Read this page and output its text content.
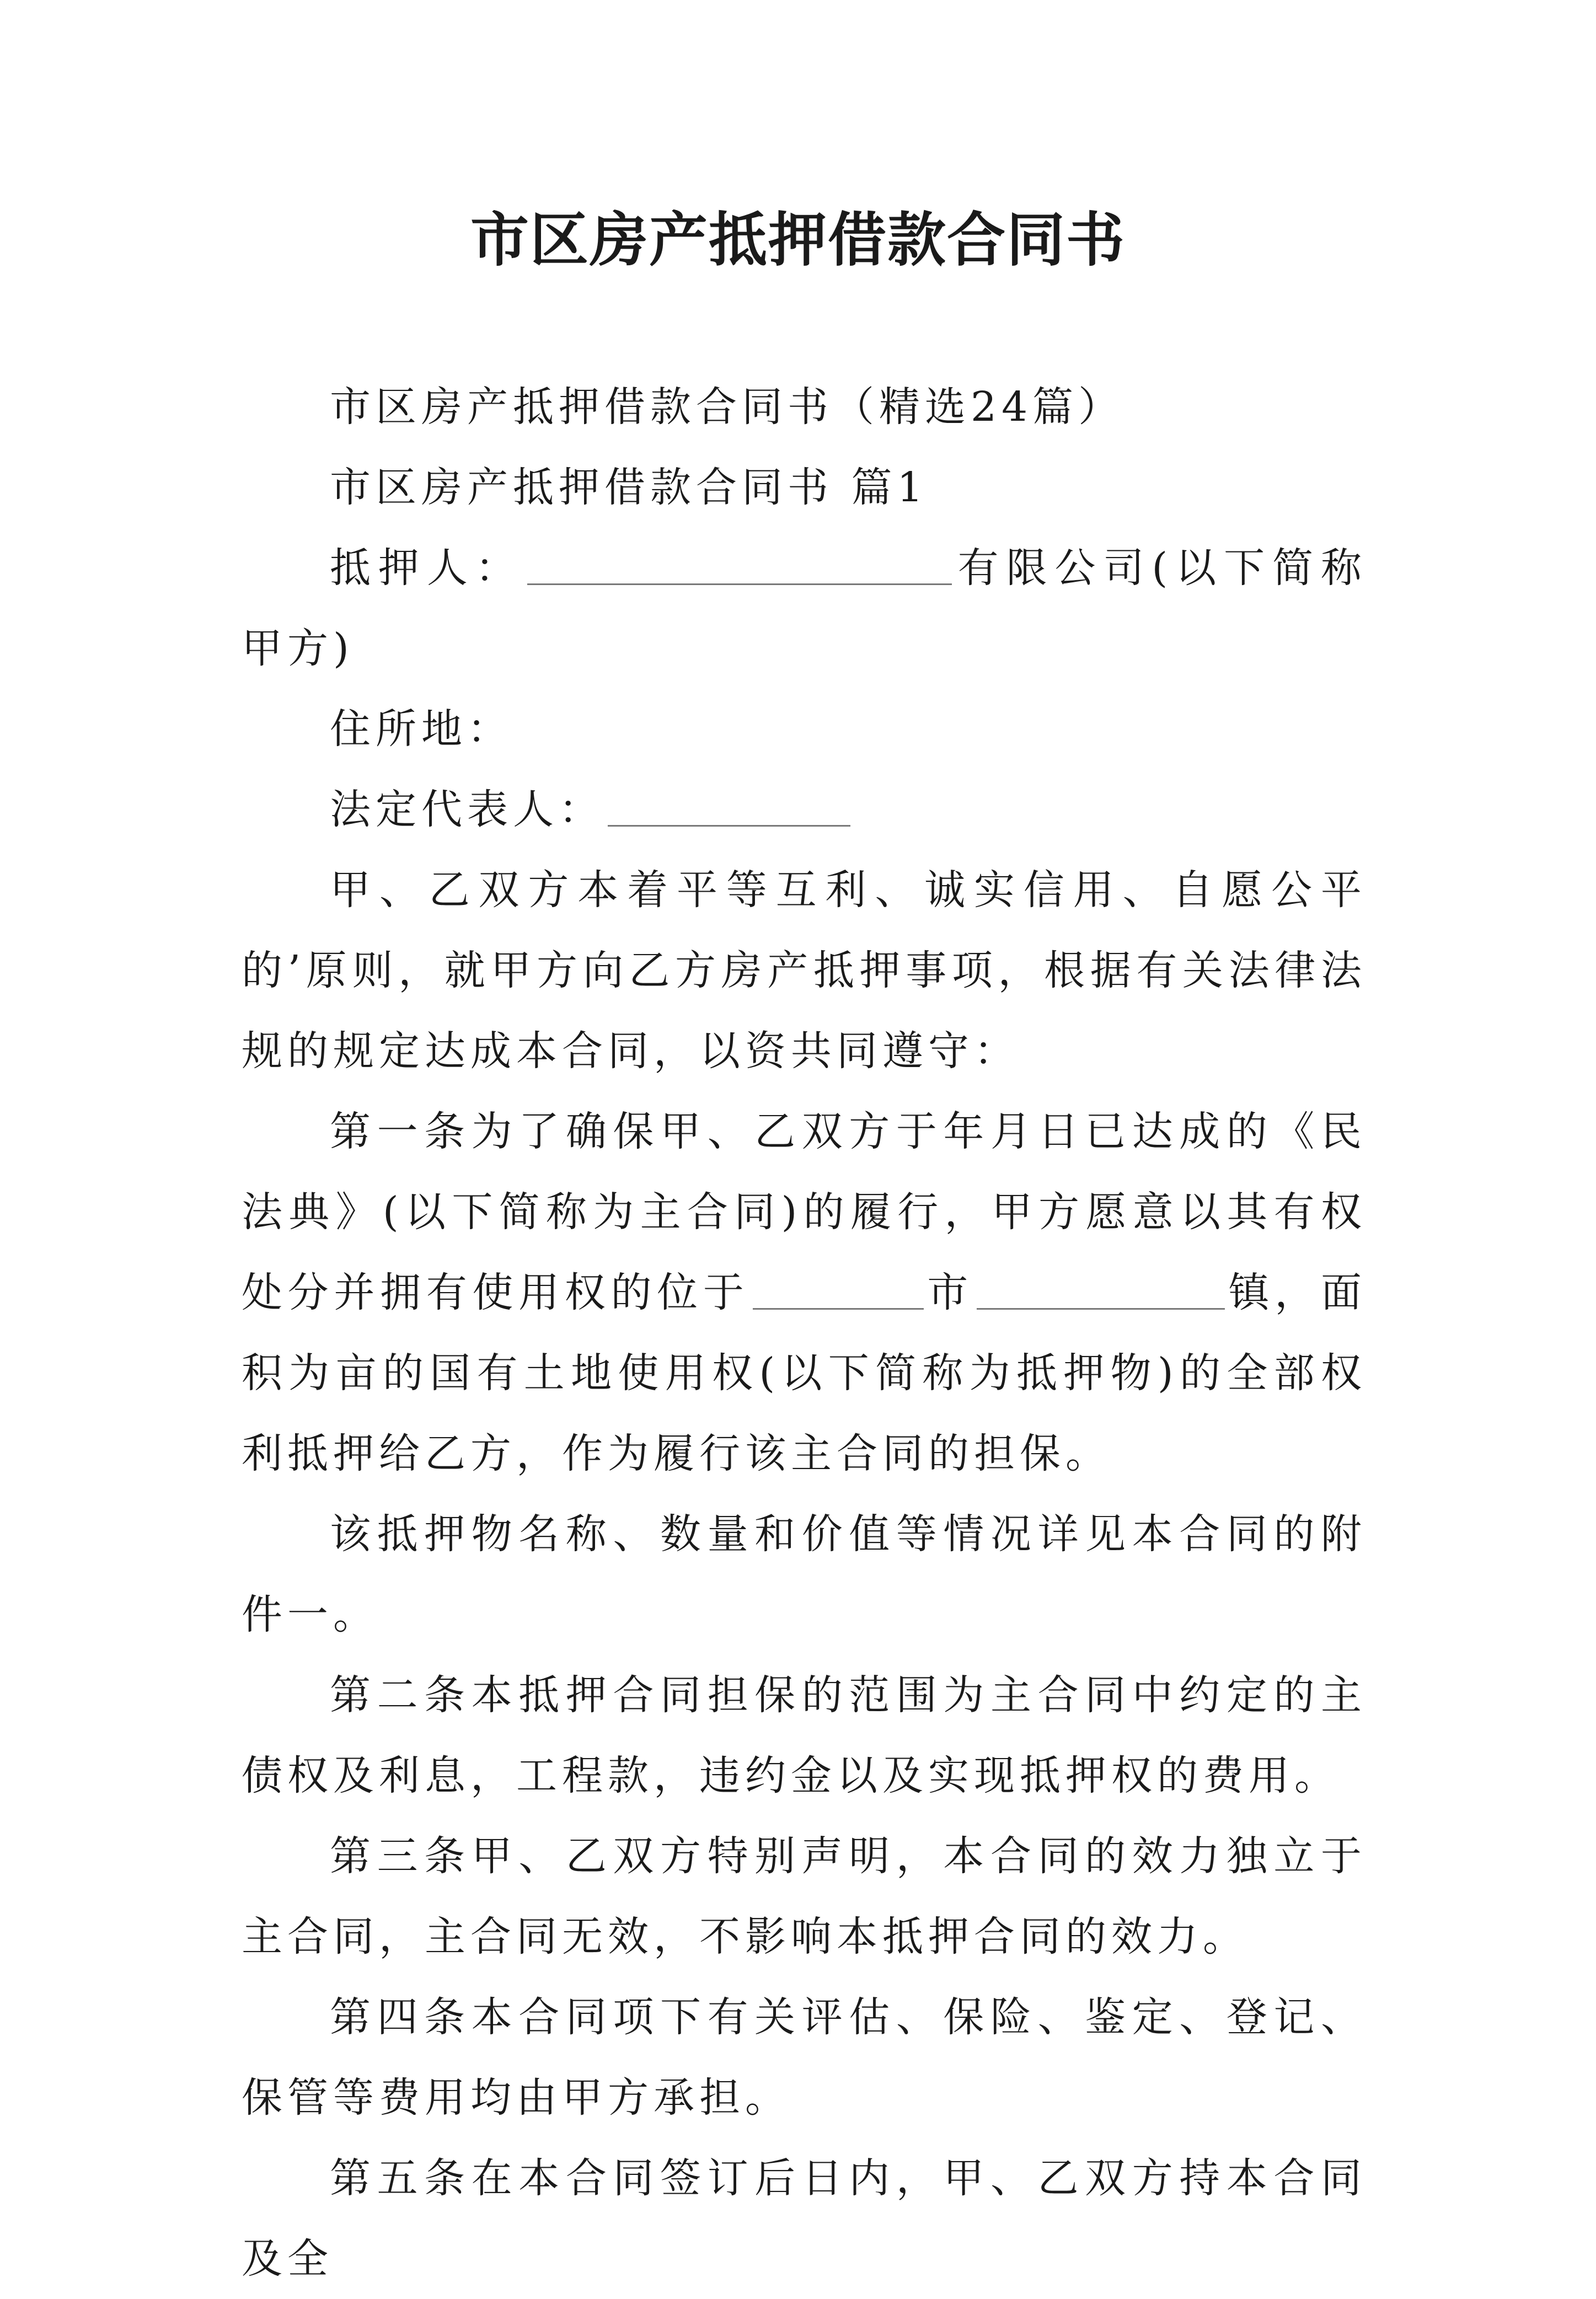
市区房产抵押借款合同书

市区房产抵押借款合同书（精选24篇）

市区房产抵押借款合同书 篇1

抵押人：	有限公司(以下简称甲方)

住所地：

法定代表人：

甲、乙双方本着平等互利、诚实信用、自愿公平的’原则，就甲方向乙方房产抵押事项，根据有关法律法规的规定达成本合同，以资共同遵守：

第一条为了确保甲、乙双方于年月日已达成的《民法典》(以下简称为主合同)的履行，甲方愿意以其有权处分并拥有使用权的位于	市	镇，面积为亩的国有土地使用权(以下简称为抵押物)的全部权利抵押给乙方，作为履行该主合同的担保。

该抵押物名称、数量和价值等情况详见本合同的附件一。

第二条本抵押合同担保的范围为主合同中约定的主债权及利息，工程款，违约金以及实现抵押权的费用。

第三条甲、乙双方特别声明，本合同的效力独立于主合同，主合同无效，不影响本抵押合同的效力。

第四条本合同项下有关评估、保险、鉴定、登记、保管等费用均由甲方承担。

第五条在本合同签订后日内，甲、乙双方持本合同及全
